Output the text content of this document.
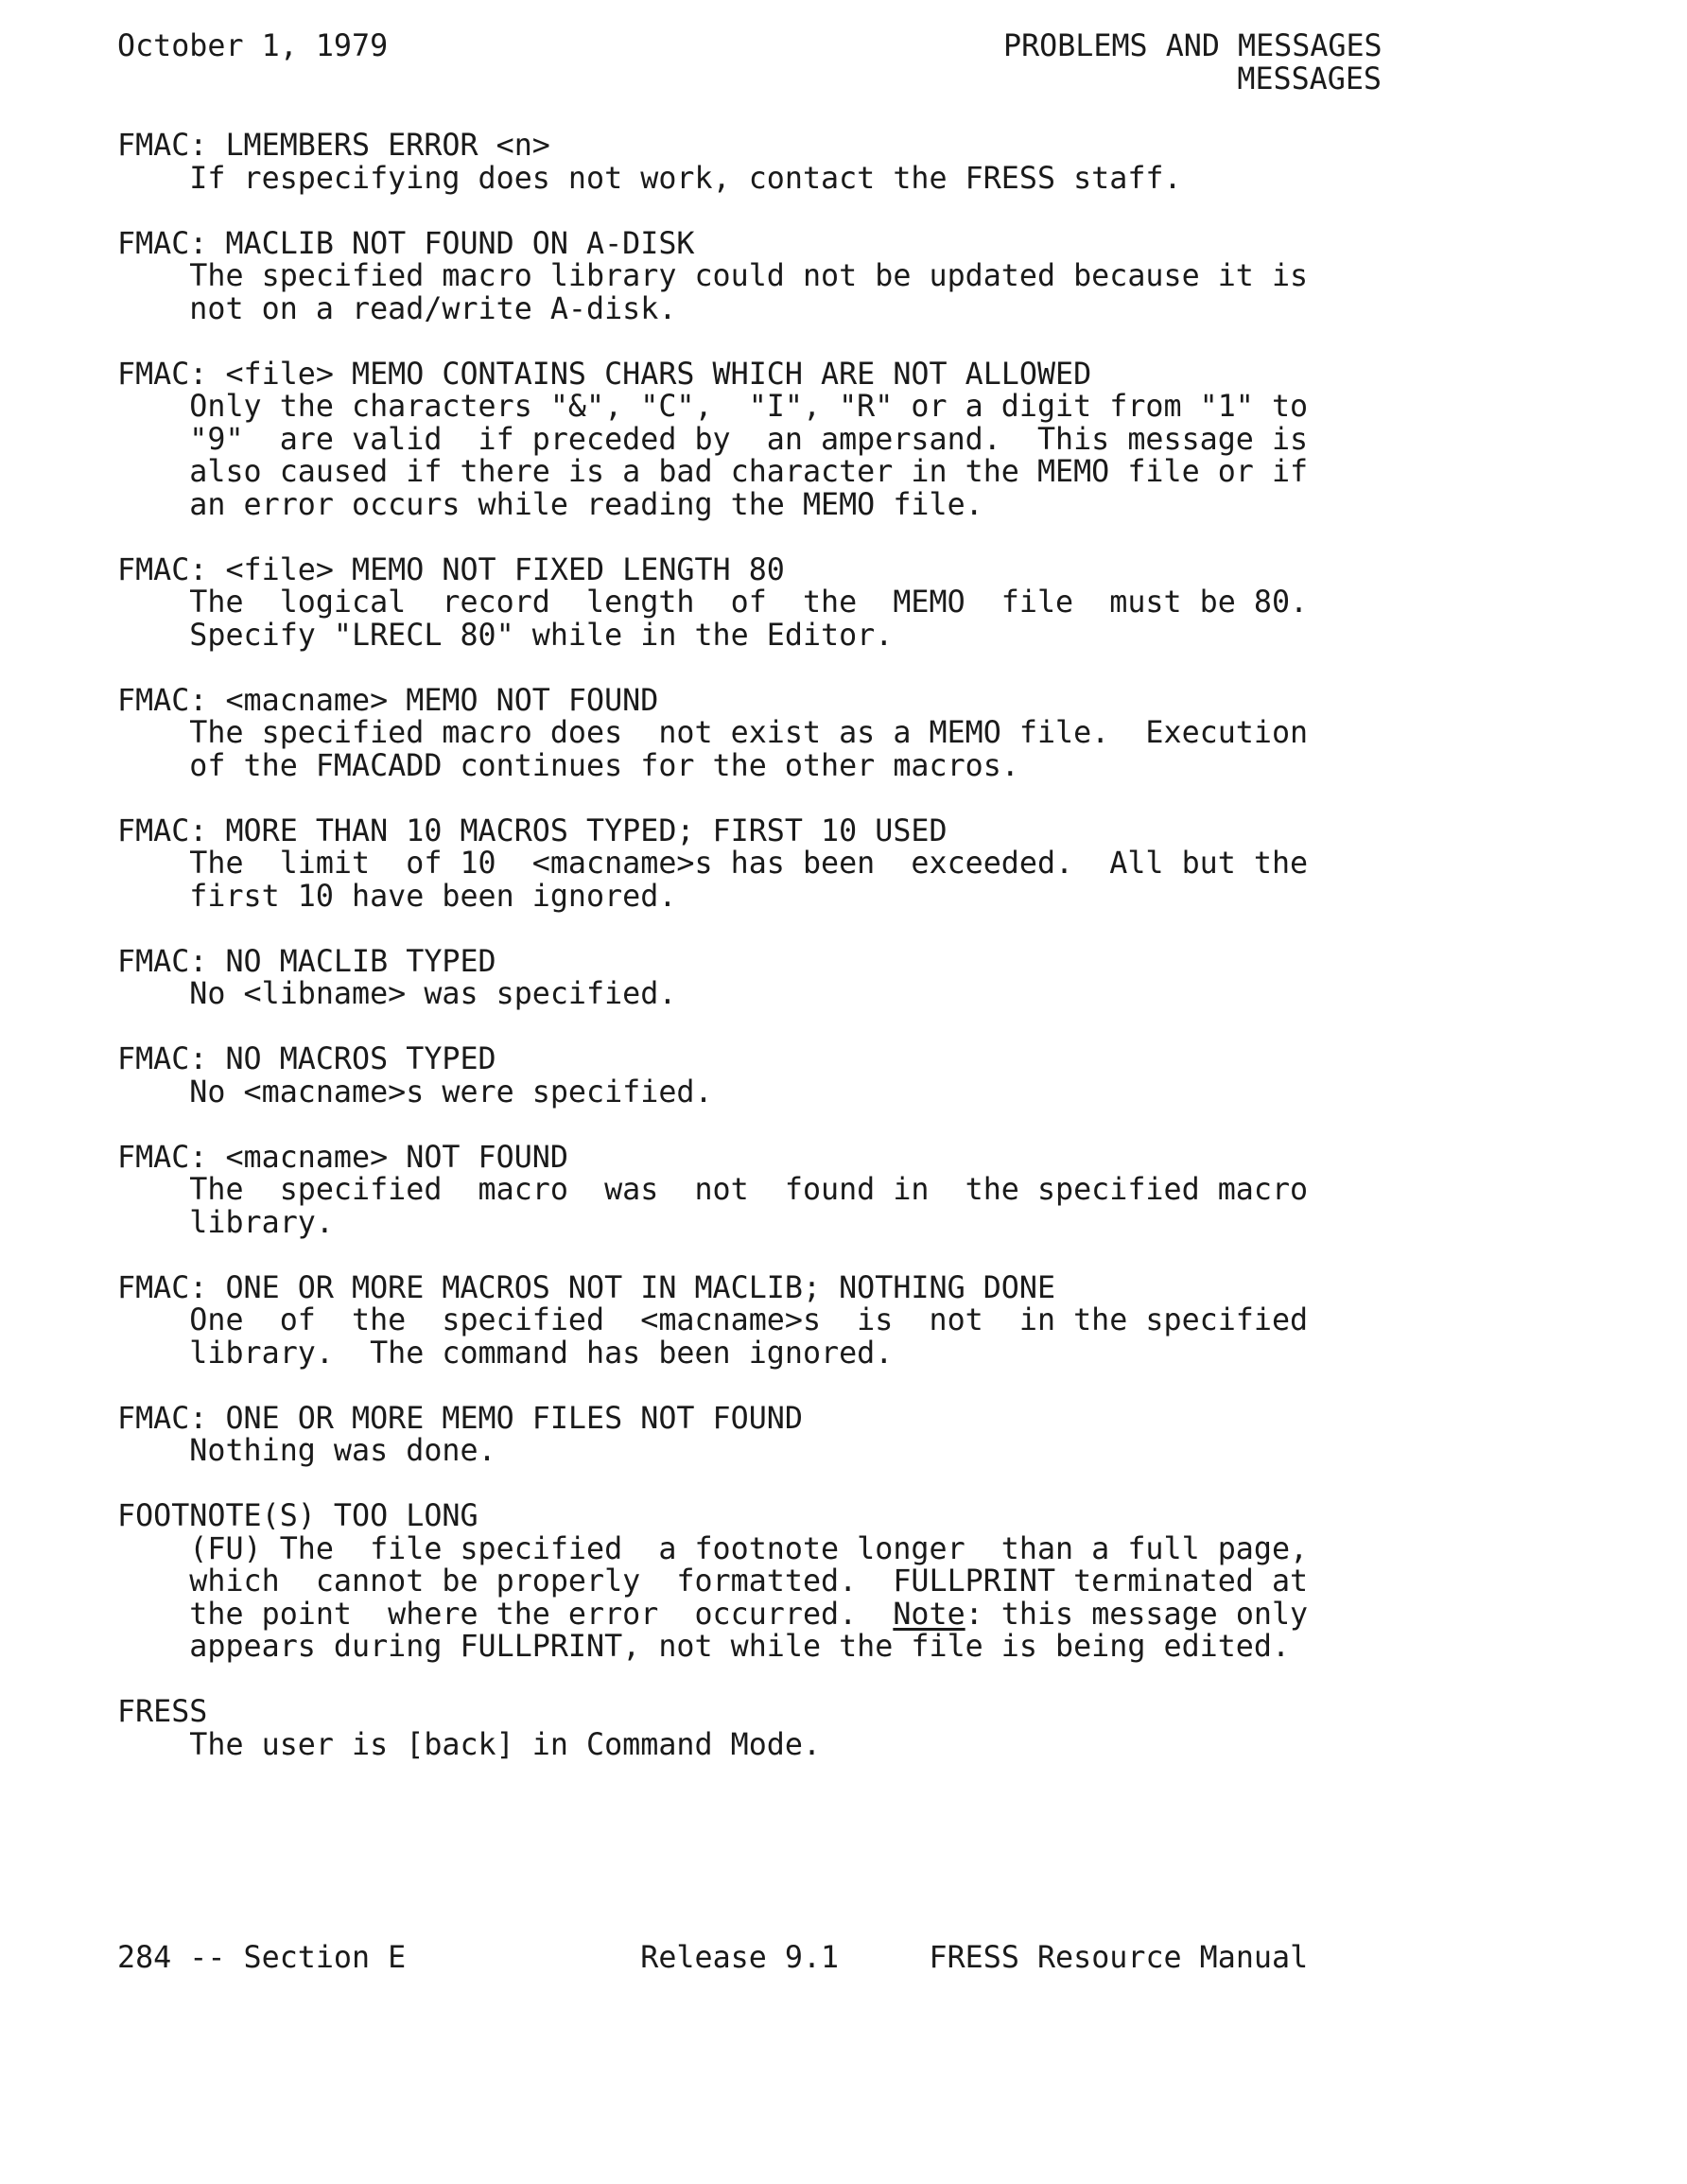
October 1, 1979	PROBLEMS AND MESSAGES
MESSAGES
FMAC: LMEMBERS ERROR <n>
If respecifying does not work, contact the FRESS staff.

FMAC: MACLIB NOT FOUND ON A-DISK
The specified macro library could not be updated because it is
not on a read/write A-disk.

FMAC: <file> MEMO CONTAINS CHARS WHICH ARE NOT ALLOWED
Only the characters "&", "C",  "I", "R" or a digit from "1" to
"9"  are valid  if preceded by  an ampersand.  This message is
also caused if there is a bad character in the MEMO file or if
an error occurs while reading the MEMO file.

FMAC: <file> MEMO NOT FIXED LENGTH 80
The  logical  record  length  of  the  MEMO  file  must be 80.
Specify "LRECL 80" while in the Editor.

FMAC: <macname> MEMO NOT FOUND
The specified macro does  not exist as a MEMO file.  Execution
of the FMACADD continues for the other macros.

FMAC: MORE THAN 10 MACROS TYPED; FIRST 10 USED
The  limit  of 10  <macname>s has been  exceeded.  All but the
first 10 have been ignored.

FMAC: NO MACLIB TYPED
No <libname> was specified.

FMAC: NO MACROS TYPED
No <macname>s were specified.

FMAC: <macname> NOT FOUND
The  specified  macro  was  not  found in  the specified macro
library.

FMAC: ONE OR MORE MACROS NOT IN MACLIB; NOTHING DONE
One  of  the  specified  <macname>s  is  not  in the specified
library.  The command has been ignored.

FMAC: ONE OR MORE MEMO FILES NOT FOUND
Nothing was done.

FOOTNOTE(S) TOO LONG
(FU) The  file specified  a footnote longer  than a full page,
which  cannot be properly  formatted.  FULLPRINT terminated at
the point  where the error  occurred.  Note: this message only
appears during FULLPRINT, not while the file is being edited.

FRESS
The user is [back] in Command Mode.
284 -- Section E	Release 9.1	FRESS Resource Manual
